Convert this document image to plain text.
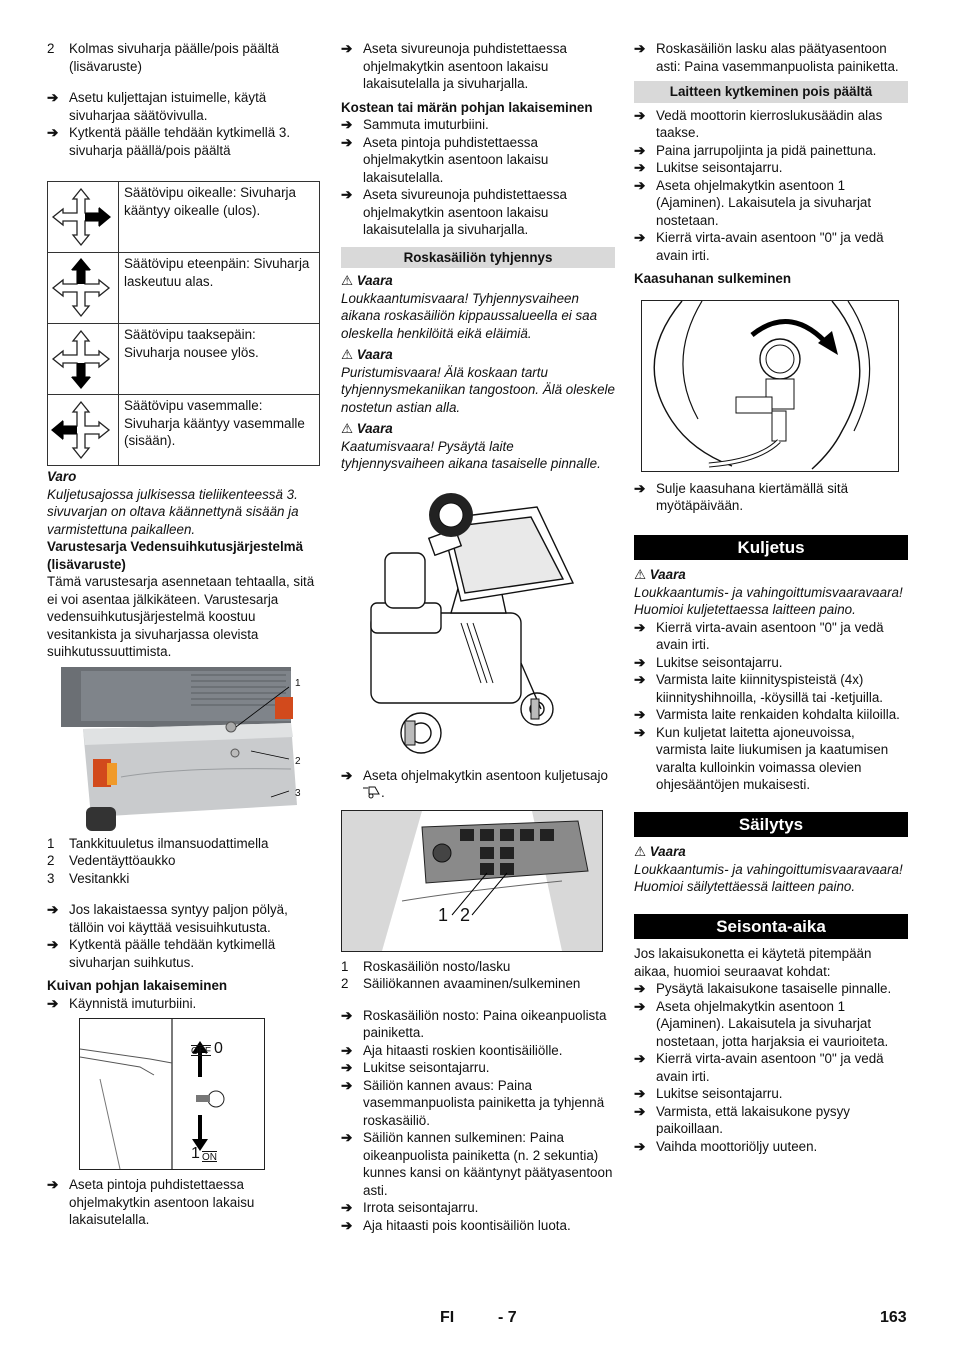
2 Kolmas sivuharja päälle/pois päältä (lisävaruste)
➔ Asetu kuljettajan istuimelle, käytä sivuharjaa säätövivulla.
➔ Kytkentä päälle tehdään kytkimellä 3. sivuharja päällä/pois päältä
	Säätövipu oikealle: Sivuharja kääntyy oikealle (ulos).

	Säätövipu eteenpäin: Sivuharja laskeutuu alas.

	Säätövipu taaksepäin: Sivuharja nousee ylös.

	Säätövipu vasemmalle: Sivuharja kääntyy vasemmalle (sisään).

Varo

Kuljetusajossa julkisessa tieliikenteessä 3. sivuvarjan on oltava käännettynä sisään ja varmistettuna paikalleen.

Varustesarja Vedensuihkutusjärjestelmä (lisävaruste)

Tämä varustesarja asennetaan tehtaalla, sitä ei voi asentaa jälkikäteen. Varustesarja vedensuihkutusjärjestelmä koostuu vesitankista ja sivuharjassa olevista suihkutussuuttimista.

1
2
3
1 Tankkituuletus ilmansuodattimella
2 Vedentäyttöaukko
3 Vesitankki
➔ Jos lakaistaessa syntyy paljon pölyä, tällöin voi käyttää vesisuihkutusta.
➔ Kytkentä päälle tehdään kytkimellä sivuharjan suihkutus.

Kuivan pohjan lakaiseminen

➔ Käynnistä imuturbiini.
OFF 0
1 ON
➔ Aseta pintoja puhdistettaessa ohjelmakytkin asentoon lakaisu lakaisutelalla.
➔ Aseta sivureunoja puhdistettaessa ohjelmakytkin asentoon lakaisu lakaisutelalla ja sivuharjalla.

Kostean tai märän pohjan lakaiseminen

➔ Sammuta imuturbiini.
➔ Aseta pintoja puhdistettaessa ohjelmakytkin asentoon lakaisu lakaisutelalla.
➔ Aseta sivureunoja puhdistettaessa ohjelmakytkin asentoon lakaisu lakaisutelalla ja sivuharjalla.
Roskasäiliön tyhjennys

⚠ Vaara

Loukkaantumisvaara! Tyhjennysvaiheen aikana roskasäiliön kippaussalueella ei saa oleskella henkilöitä eikä eläimiä.

⚠ Vaara

Puristumisvaara! Älä koskaan tartu tyhjennysmekaniikan tangostoon. Älä oleskele nostetun astian alla.

⚠ Vaara

Kaatumisvaara! Pysäytä laite tyhjennysvaiheen aikana tasaiselle pinnalle.

➔ Aseta ohjelmakytkin asentoon kuljetusajo
.
1 2
1 Roskasäiliön nosto/lasku
2 Säiliökannen avaaminen/sulkeminen
➔ Roskasäiliön nosto: Paina oikeanpuolista painiketta.
➔ Aja hitaasti roskien koontisäiliölle.
➔ Lukitse seisontajarru.
➔ Säiliön kannen avaus: Paina vasemmanpuolista painiketta ja tyhjennä roskasäiliö.
➔ Säiliön kannen sulkeminen: Paina oikeanpuolista painiketta (n. 2 sekuntia) kunnes kansi on kääntynyt päätyasentoon asti.
➔ Irrota seisontajarru.
➔ Aja hitaasti pois koontisäiliön luota.
➔ Roskasäiliön lasku alas päätyasentoon asti: Paina vasemmanpuolista painiketta.
Laitteen kytkeminen pois päältä
➔ Vedä moottorin kierroslukusäädin alas taakse.
➔ Paina jarrupoljinta ja pidä painettuna.
➔ Lukitse seisontajarru.
➔ Aseta ohjelmakytkin asentoon 1 (Ajaminen). Lakaisutela ja sivuharjat nostetaan.
➔ Kierrä virta-avain asentoon "0" ja vedä avain irti.

Kaasuhanan sulkeminen

➔ Sulje kaasuhana kiertämällä sitä myötäpäivään.
Kuljetus

⚠ Vaara

Loukkaantumis- ja vahingoittumisvaaravaara! Huomioi kuljetettaessa laitteen paino.

➔ Kierrä virta-avain asentoon "0" ja vedä avain irti.
➔ Lukitse seisontajarru.
➔ Varmista laite kiinnityspisteistä (4x) kiinnityshihnoilla, -köysillä tai -ketjuilla.
➔ Varmista laite renkaiden kohdalta kiiloilla.
➔ Kun kuljetat laitetta ajoneuvoissa, varmista laite liukumisen ja kaatumisen varalta kulloinkin voimassa olevien ohjesääntöjen mukaisesti.
Säilytys

⚠ Vaara

Loukkaantumis- ja vahingoittumisvaaravaara! Huomioi säilytettäessä laitteen paino.

Seisonta-aika

Jos lakaisukonetta ei käytetä pitempään aikaa, huomioi seuraavat kohdat:

➔ Pysäytä lakaisukone tasaiselle pinnalle.
➔ Aseta ohjelmakytkin asentoon 1 (Ajaminen). Lakaisutela ja sivuharjat nostetaan, jotta harjaksia ei vaurioiteta.
➔ Kierrä virta-avain asentoon "0" ja vedä avain irti.
➔ Lukitse seisontajarru.
➔ Varmista, että lakaisukone pysyy paikoillaan.
➔ Vaihda moottoriöljy uuteen.
FI	- 7	163
